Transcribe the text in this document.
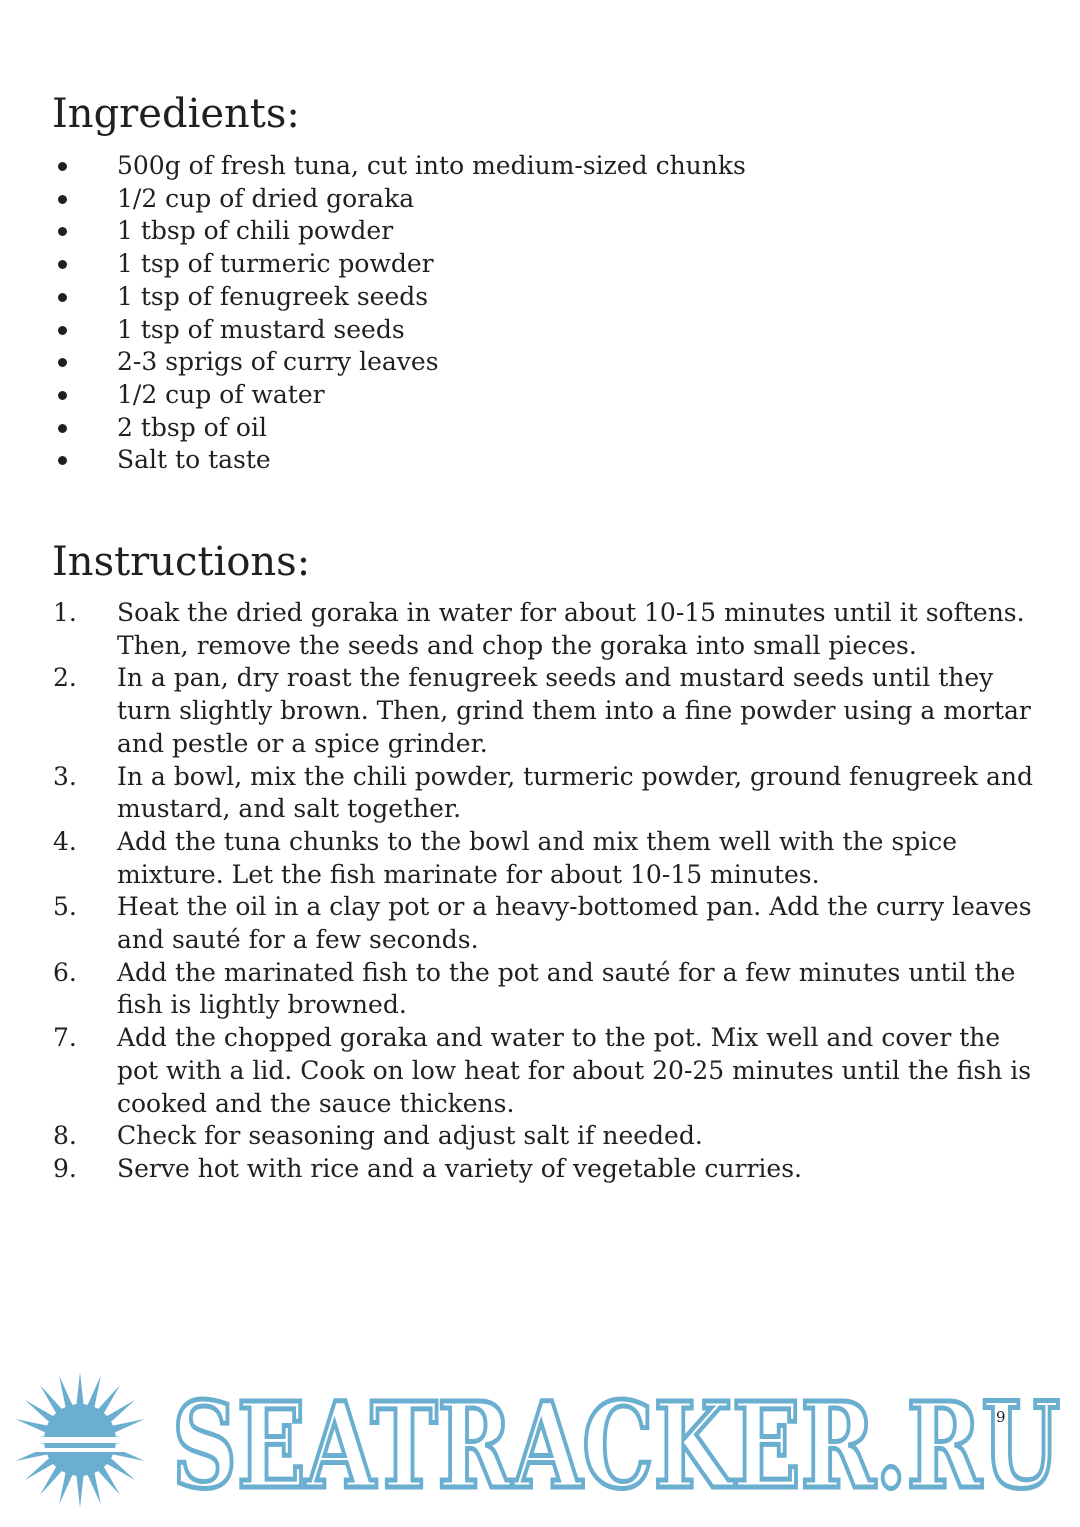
Ingredients:
500g of fresh tuna, cut into medium-sized chunks
1/2 cup of dried goraka
1 tbsp of chili powder
1 tsp of turmeric powder
1 tsp of fenugreek seeds
1 tsp of mustard seeds
2-3 sprigs of curry leaves
1/2 cup of water
2 tbsp of oil
Salt to taste
Instructions:
1. Soak the dried goraka in water for about 10-15 minutes until it softens. Then, remove the seeds and chop the goraka into small pieces.
2. In a pan, dry roast the fenugreek seeds and mustard seeds until they turn slightly brown. Then, grind them into a fine powder using a mortar and pestle or a spice grinder.
3. In a bowl, mix the chili powder, turmeric powder, ground fenugreek and mustard, and salt together.
4. Add the tuna chunks to the bowl and mix them well with the spice mixture. Let the fish marinate for about 10-15 minutes.
5. Heat the oil in a clay pot or a heavy-bottomed pan. Add the curry leaves and sauté for a few seconds.
6. Add the marinated fish to the pot and sauté for a few minutes until the fish is lightly browned.
7. Add the chopped goraka and water to the pot. Mix well and cover the pot with a lid. Cook on low heat for about 20-25 minutes until the fish is cooked and the sauce thickens.
8. Check for seasoning and adjust salt if needed.
9. Serve hot with rice and a variety of vegetable curries.
SEATRACKER.RU
9
